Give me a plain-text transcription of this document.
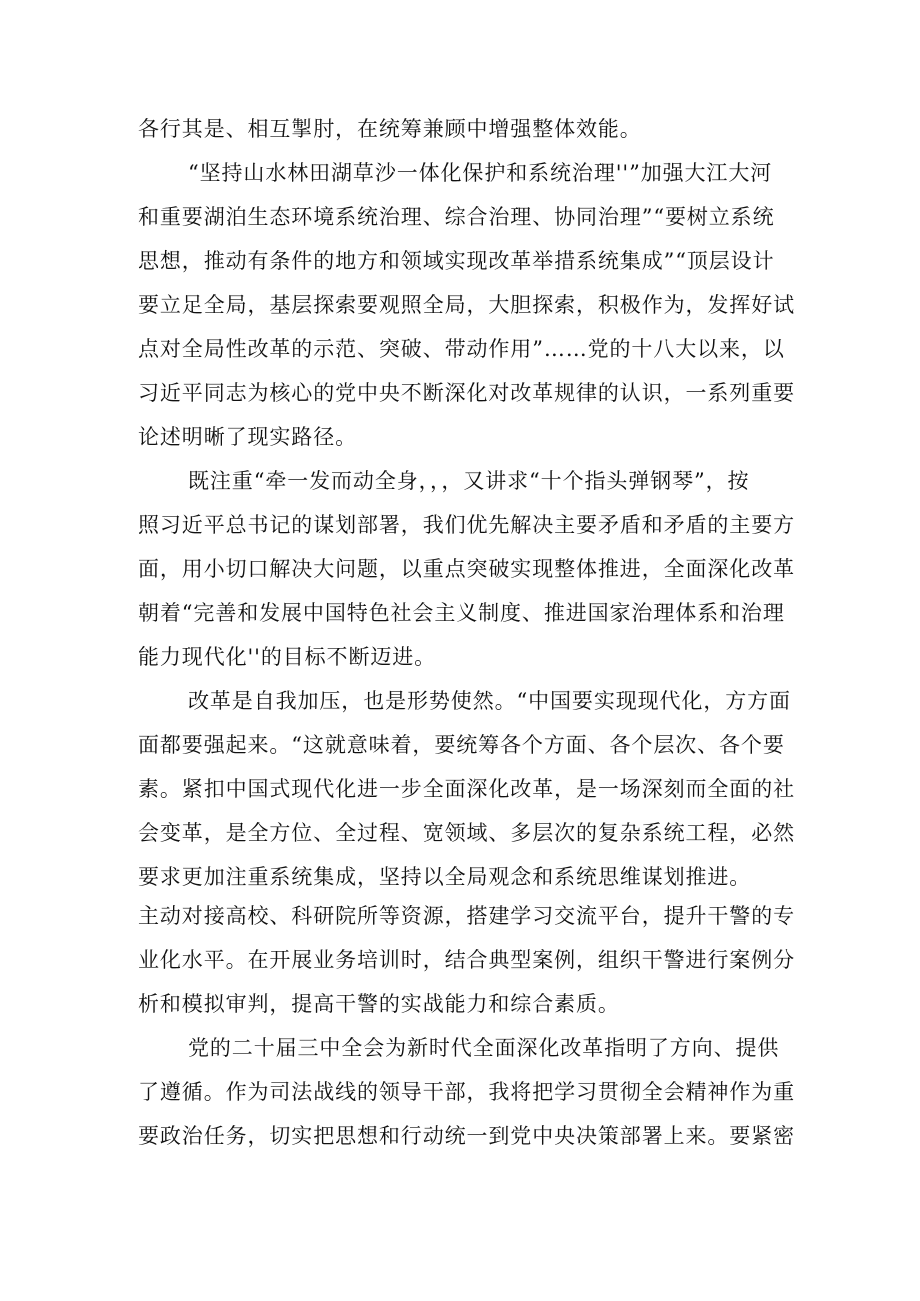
各行其是、相互掣肘，在统筹兼顾中增强整体效能。
“坚持山水林田湖草沙一体化保护和系统治理''”加强大江大河
和重要湖泊生态环境系统治理、综合治理、协同治理”“要树立系统
思想，推动有条件的地方和领域实现改革举措系统集成”“顶层设计
要立足全局，基层探索要观照全局，大胆探索，积极作为，发挥好试
点对全局性改革的示范、突破、带动作用”……党的十八大以来，以
习近平同志为核心的党中央不断深化对改革规律的认识，一系列重要
论述明晰了现实路径。
既注重“牵一发而动全身，，，又讲求“十个指头弹钢琴”，按
照习近平总书记的谋划部署，我们优先解决主要矛盾和矛盾的主要方
面，用小切口解决大问题，以重点突破实现整体推进，全面深化改革
朝着“完善和发展中国特色社会主义制度、推进国家治理体系和治理
能力现代化''的目标不断迈进。
改革是自我加压，也是形势使然。“中国要实现现代化，方方面
面都要强起来。“这就意味着，要统筹各个方面、各个层次、各个要
素。紧扣中国式现代化进一步全面深化改革，是一场深刻而全面的社
会变革，是全方位、全过程、宽领域、多层次的复杂系统工程，必然
要求更加注重系统集成，坚持以全局观念和系统思维谋划推进。
主动对接高校、科研院所等资源，搭建学习交流平台，提升干警的专
业化水平。在开展业务培训时，结合典型案例，组织干警进行案例分
析和模拟审判，提高干警的实战能力和综合素质。
党的二十届三中全会为新时代全面深化改革指明了方向、提供
了遵循。作为司法战线的领导干部，我将把学习贯彻全会精神作为重
要政治任务，切实把思想和行动统一到党中央决策部署上来。要紧密
